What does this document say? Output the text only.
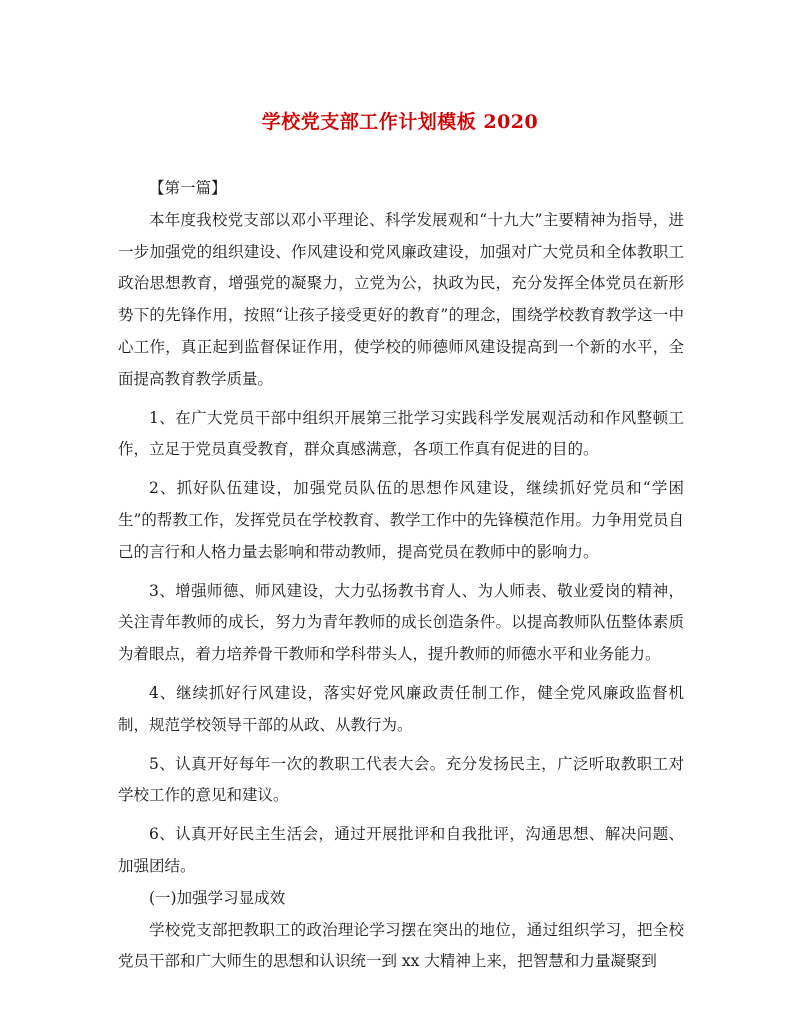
学校党支部工作计划模板 2020

【第一篇】

本年度我校党支部以邓小平理论、科学发展观和“十九大”主要精神为指导，进一步加强党的组织建设、作风建设和党风廉政建设，加强对广大党员和全体教职工政治思想教育，增强党的凝聚力，立党为公，执政为民，充分发挥全体党员在新形势下的先锋作用，按照“让孩子接受更好的教育”的理念，围绕学校教育教学这一中心工作，真正起到监督保证作用，使学校的师德师风建设提高到一个新的水平，全面提高教育教学质量。

1、在广大党员干部中组织开展第三批学习实践科学发展观活动和作风整顿工作，立足于党员真受教育，群众真感满意，各项工作真有促进的目的。

2、抓好队伍建设，加强党员队伍的思想作风建设，继续抓好党员和“学困生”的帮教工作，发挥党员在学校教育、教学工作中的先锋模范作用。力争用党员自己的言行和人格力量去影响和带动教师，提高党员在教师中的影响力。

3、增强师德、师风建设，大力弘扬教书育人、为人师表、敬业爱岗的精神，关注青年教师的成长，努力为青年教师的成长创造条件。以提高教师队伍整体素质为着眼点，着力培养骨干教师和学科带头人，提升教师的师德水平和业务能力。

4、继续抓好行风建设，落实好党风廉政责任制工作，健全党风廉政监督机制，规范学校领导干部的从政、从教行为。

5、认真开好每年一次的教职工代表大会。充分发扬民主，广泛听取教职工对学校工作的意见和建议。

6、认真开好民主生活会，通过开展批评和自我批评，沟通思想、解决问题、加强团结。

(一)加强学习显成效

学校党支部把教职工的政治理论学习摆在突出的地位，通过组织学习，把全校党员干部和广大师生的思想和认识统一到 xx 大精神上来，把智慧和力量凝聚到
